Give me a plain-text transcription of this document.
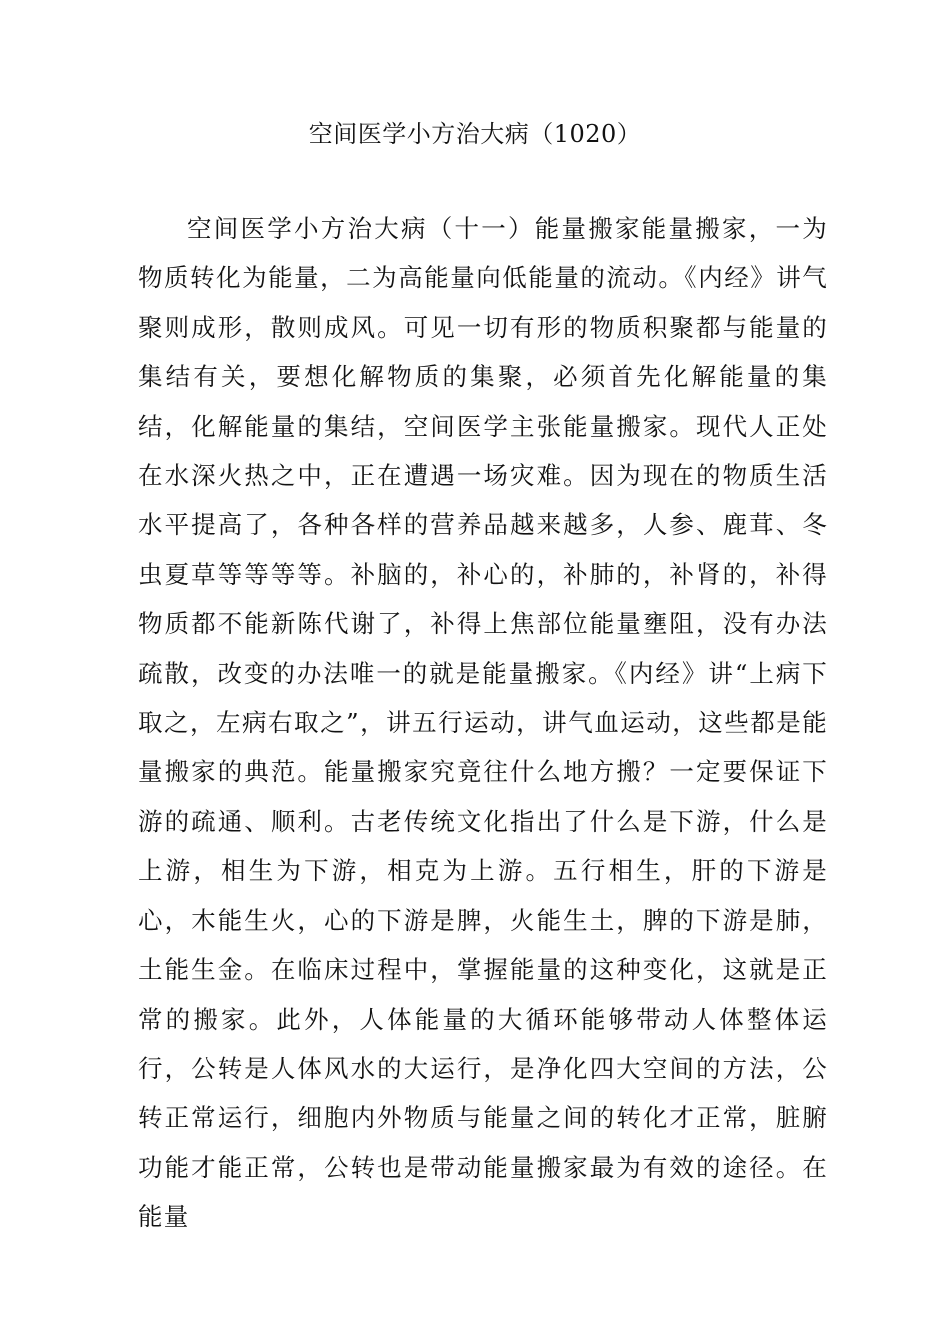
空间医学小方治大病（1020）

空间医学小方治大病（十一）能量搬家能量搬家，一为物质转化为能量，二为高能量向低能量的流动。《内经》讲气聚则成形，散则成风。可见一切有形的物质积聚都与能量的集结有关，要想化解物质的集聚，必须首先化解能量的集结，化解能量的集结，空间医学主张能量搬家。现代人正处在水深火热之中，正在遭遇一场灾难。因为现在的物质生活水平提高了，各种各样的营养品越来越多，人参、鹿茸、冬虫夏草等等等等。补脑的，补心的，补肺的，补肾的，补得物质都不能新陈代谢了，补得上焦部位能量壅阻，没有办法疏散，改变的办法唯一的就是能量搬家。《内经》讲“上病下取之，左病右取之”，讲五行运动，讲气血运动，这些都是能量搬家的典范。能量搬家究竟往什么地方搬？一定要保证下游的疏通、顺利。古老传统文化指出了什么是下游，什么是上游，相生为下游，相克为上游。五行相生，肝的下游是心，木能生火，心的下游是脾，火能生土，脾的下游是肺，土能生金。在临床过程中，掌握能量的这种变化，这就是正常的搬家。此外，人体能量的大循环能够带动人体整体运行，公转是人体风水的大运行，是净化四大空间的方法，公转正常运行，细胞内外物质与能量之间的转化才正常，脏腑功能才能正常，公转也是带动能量搬家最为有效的途径。在能量
